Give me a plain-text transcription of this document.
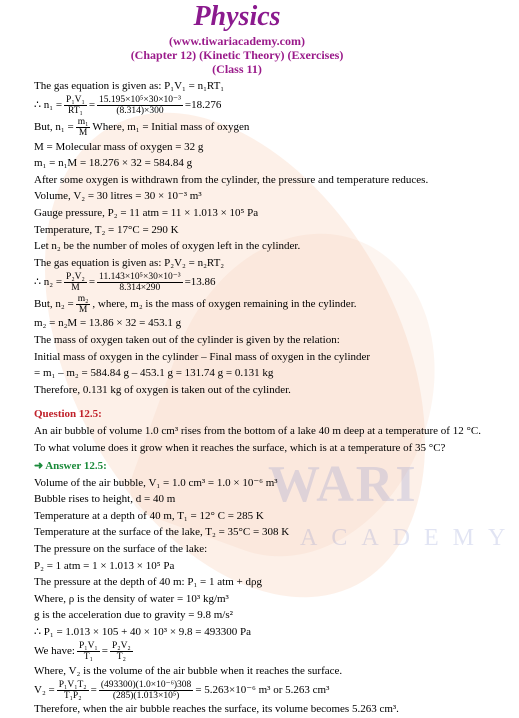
WARI
ACADEMY
Physics
(www.tiwariacademy.com)
(Chapter 12) (Kinetic Theory) (Exercises)
(Class 11)
The gas equation is given as: P₁V₁ = n₁RT₁
∴ $n_1 = \frac{\text{P₁V₁}}{\text{RT₁}} = \frac{\text{15.195×10⁵×30×10⁻³}}{(8.314)\times 300} =18.276$
But, $n_1 = \frac{\text{m₁}}{M}$ Where, m₁ = Initial mass of oxygen
M = Molecular mass of oxygen = 32 g
m₁ = n₁M = 18.276 × 32 = 584.84 g
After some oxygen is withdrawn from the cylinder, the pressure and temperature reduces.
Volume, V₂ = 30 litres = 30 × 10⁻³ m³
Gauge pressure, P₂ = 11 atm = 11 × 1.013 × 10⁵ Pa
Temperature, T₂ = 17°C = 290 K
Let n₂ be the number of moles of oxygen left in the cylinder.
The gas equation is given as: P₂V₂ = n₂RT₂
∴ $n_2 = \frac{\text{P₂V₂}}{M} = \frac{\text{11.143×10⁵×30×10⁻³}}{8.314\times 290} =13.86$
But, $n_2 = \frac{\text{m₂}}{M}$ , where, m₂ is the mass of oxygen remaining in the cylinder.
m₂ = n₂M = 13.86 × 32 = 453.1 g
The mass of oxygen taken out of the cylinder is given by the relation:
Initial mass of oxygen in the cylinder – Final mass of oxygen in the cylinder
= m₁ – m₂ = 584.84 g – 453.1 g = 131.74 g = 0.131 kg
Therefore, 0.131 kg of oxygen is taken out of the cylinder.
Question 12.5:
An air bubble of volume 1.0 cm³ rises from the bottom of a lake 40 m deep at a temperature of 12 °C.
To what volume does it grow when it reaches the surface, which is at a temperature of 35 °C?
➜ Answer 12.5:
Volume of the air bubble, V₁ = 1.0 cm³ = 1.0 × 10⁻⁶ m³
Bubble rises to height, d = 40 m
Temperature at a depth of 40 m, T₁ = 12° C = 285 K
Temperature at the surface of the lake, T₂ = 35°C = 308 K
The pressure on the surface of the lake:
P₂ = 1 atm = 1 × 1.013 × 10⁵ Pa
The pressure at the depth of 40 m: P₁ = 1 atm + dρg
Where, ρ is the density of water = 10³ kg/m³
g is the acceleration due to gravity = 9.8 m/s²
∴ P₁ = 1.013 × 105 + 40 × 10³ × 9.8 = 493300 Pa
We have: $\frac{\text{P₁V₁}}{\text{T₁}} = \frac{\text{P₂V₂}}{\text{T₂}}$
Where, V₂ is the volume of the air bubble when it reaches the surface.
$V_2 = \frac{\text{P₁V₁T₂}}{\text{T₁P₂}} = \frac{\text{(493300)(1.0×10⁻⁶)308}}{\text{(285)(1.013×10⁵)}} = 5.263\times 10^{-6}$ m³ or 5.263 cm³
Therefore, when the air bubble reaches the surface, its volume becomes 5.263 cm³.
